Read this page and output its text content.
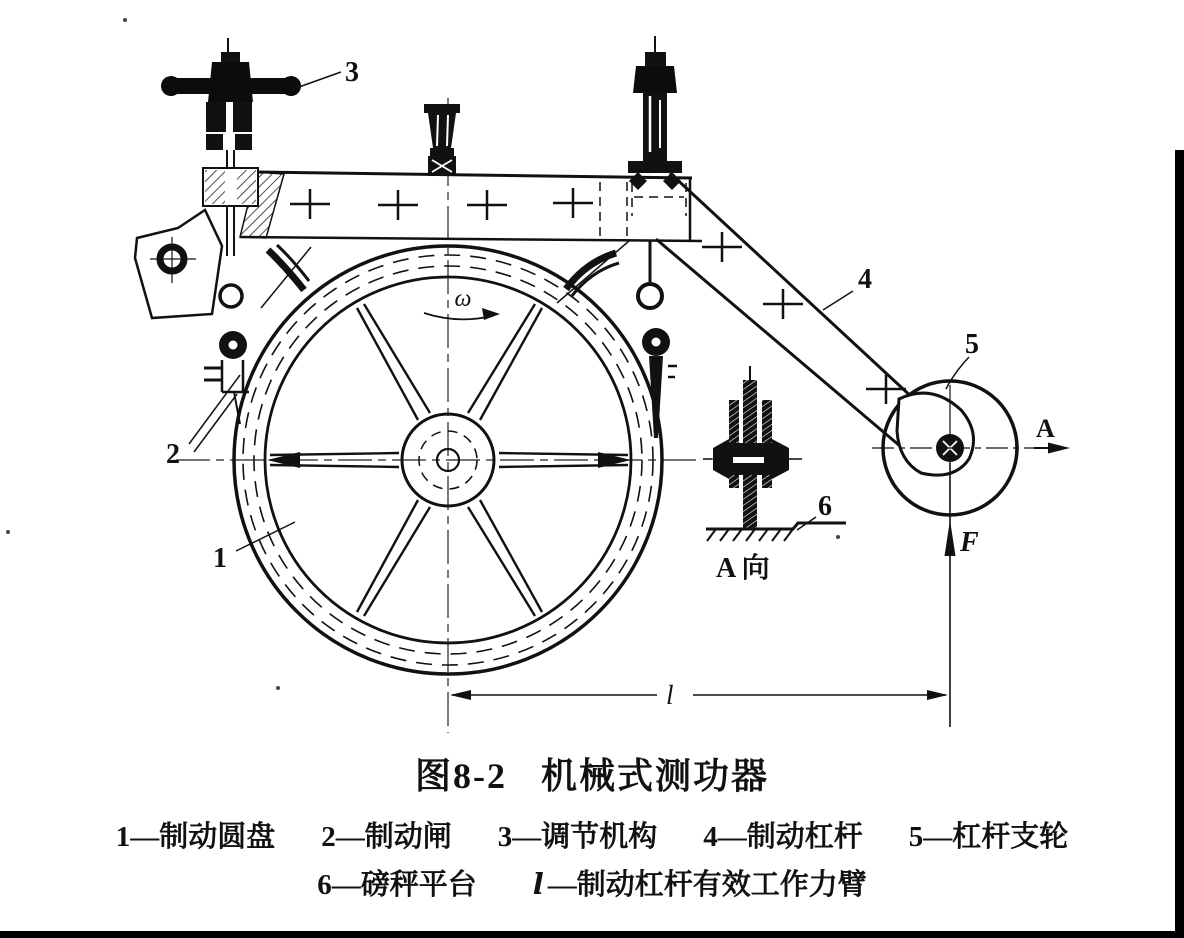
ω
A
F
l
A 向
1
2
3
4
5
6
图8-2 机械式测功器
1—制动圆盘 2—制动闸 3—调节机构 4—制动杠杆 5—杠杆支轮
6—磅秤平台 l —制动杠杆有效工作力臂
